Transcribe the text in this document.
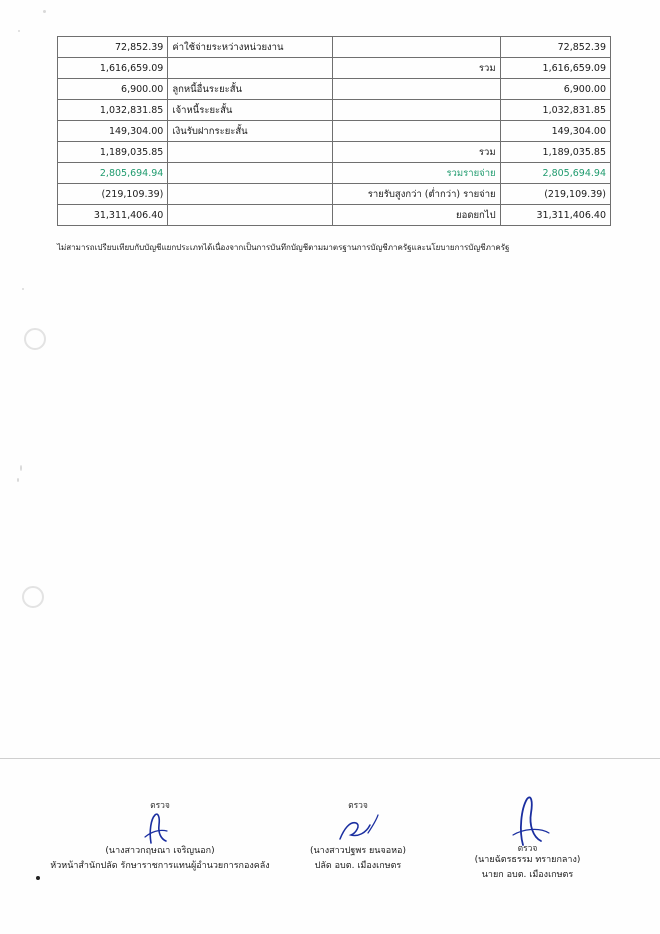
72,852.39	ค่าใช้จ่ายระหว่างหน่วยงาน		72,852.39
1,616,659.09		รวม	1,616,659.09
6,900.00	ลูกหนี้อื่นระยะสั้น		6,900.00
1,032,831.85	เจ้าหนี้ระยะสั้น		1,032,831.85
149,304.00	เงินรับฝากระยะสั้น		149,304.00
1,189,035.85		รวม	1,189,035.85
2,805,694.94		รวมรายจ่าย	2,805,694.94
(219,109.39)		รายรับสูงกว่า (ต่ำกว่า) รายจ่าย	(219,109.39)
31,311,406.40		ยอดยกไป	31,311,406.40
ไม่สามารถเปรียบเทียบกับบัญชีแยกประเภทได้เนื่องจากเป็นการบันทึกบัญชีตามมาตรฐานการบัญชีภาครัฐและนโยบายการบัญชีภาครัฐ
ตรวจ
(นางสาวกฤษณา เจริญนอก)
หัวหน้าสำนักปลัด รักษาราชการแทนผู้อำนวยการกองคลัง
ตรวจ
(นางสาวปฐพร ยนจอหอ)
ปลัด อบต. เมืองเกษตร
ตรวจ
(นายฉัตรธรรม ทรายกลาง)
นายก อบต. เมืองเกษตร
